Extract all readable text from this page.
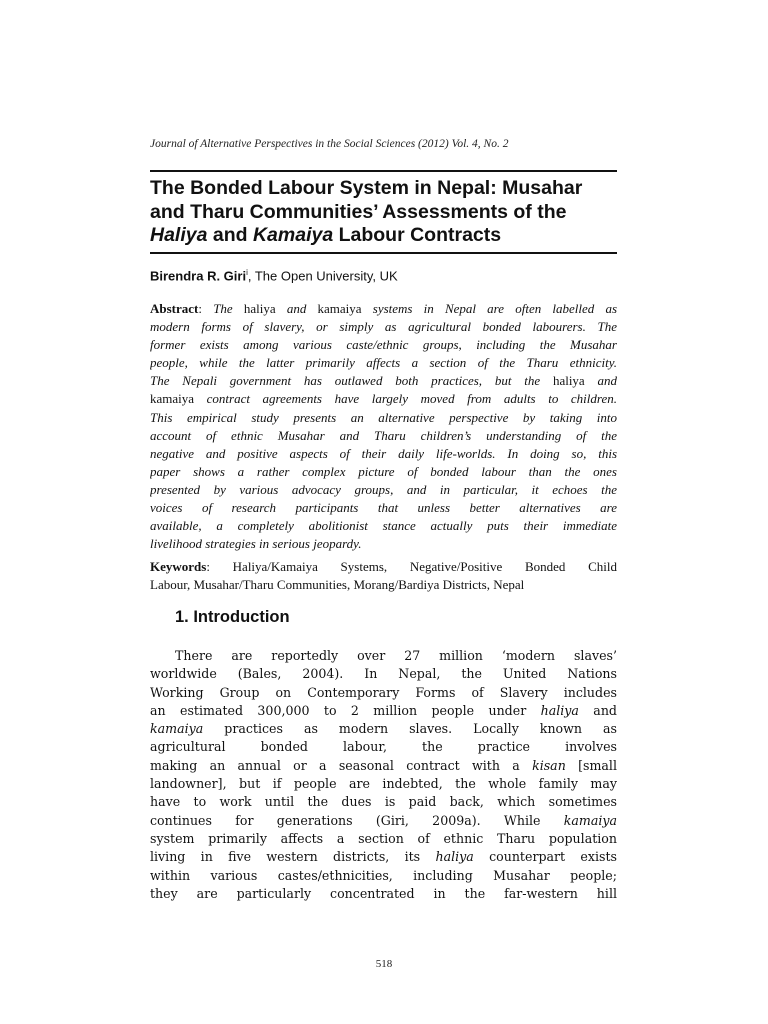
Journal of Alternative Perspectives in the Social Sciences (2012) Vol. 4, No. 2
The Bonded Labour System in Nepal: Musahar
and Tharu Communities’ Assessments of the
Haliya and Kamaiya Labour Contracts
Birendra R. Giri$^i$, The Open University, UK
Abstract: The haliya and kamaiya systems in Nepal are often labelled as
modern forms of slavery, or simply as agricultural bonded labourers. The
former exists among various caste/ethnic groups, including the Musahar
people, while the latter primarily affects a section of the Tharu ethnicity.
The Nepali government has outlawed both practices, but the haliya and
kamaiya contract agreements have largely moved from adults to children.
This empirical study presents an alternative perspective by taking into
account of ethnic Musahar and Tharu children’s understanding of the
negative and positive aspects of their daily life-worlds. In doing so, this
paper shows a rather complex picture of bonded labour than the ones
presented by various advocacy groups, and in particular, it echoes the
voices of research participants that unless better alternatives are
available, a completely abolitionist stance actually puts their immediate
livelihood strategies in serious jeopardy.
Keywords: Haliya/Kamaiya Systems, Negative/Positive Bonded Child
Labour, Musahar/Tharu Communities, Morang/Bardiya Districts, Nepal
1. Introduction
There are reportedly over 27 million ‘modern slaves’
worldwide (Bales, 2004). In Nepal, the United Nations
Working Group on Contemporary Forms of Slavery includes
an estimated 300,000 to 2 million people under haliya and
kamaiya practices as modern slaves. Locally known as
agricultural bonded labour, the practice involves
making an annual or a seasonal contract with a kisan [small
landowner], but if people are indebted, the whole family may
have to work until the dues is paid back, which sometimes
continues for generations (Giri, 2009a). While kamaiya
system primarily affects a section of ethnic Tharu population
living in five western districts, its haliya counterpart exists
within various castes/ethnicities, including Musahar people;
they are particularly concentrated in the far-western hill
518
